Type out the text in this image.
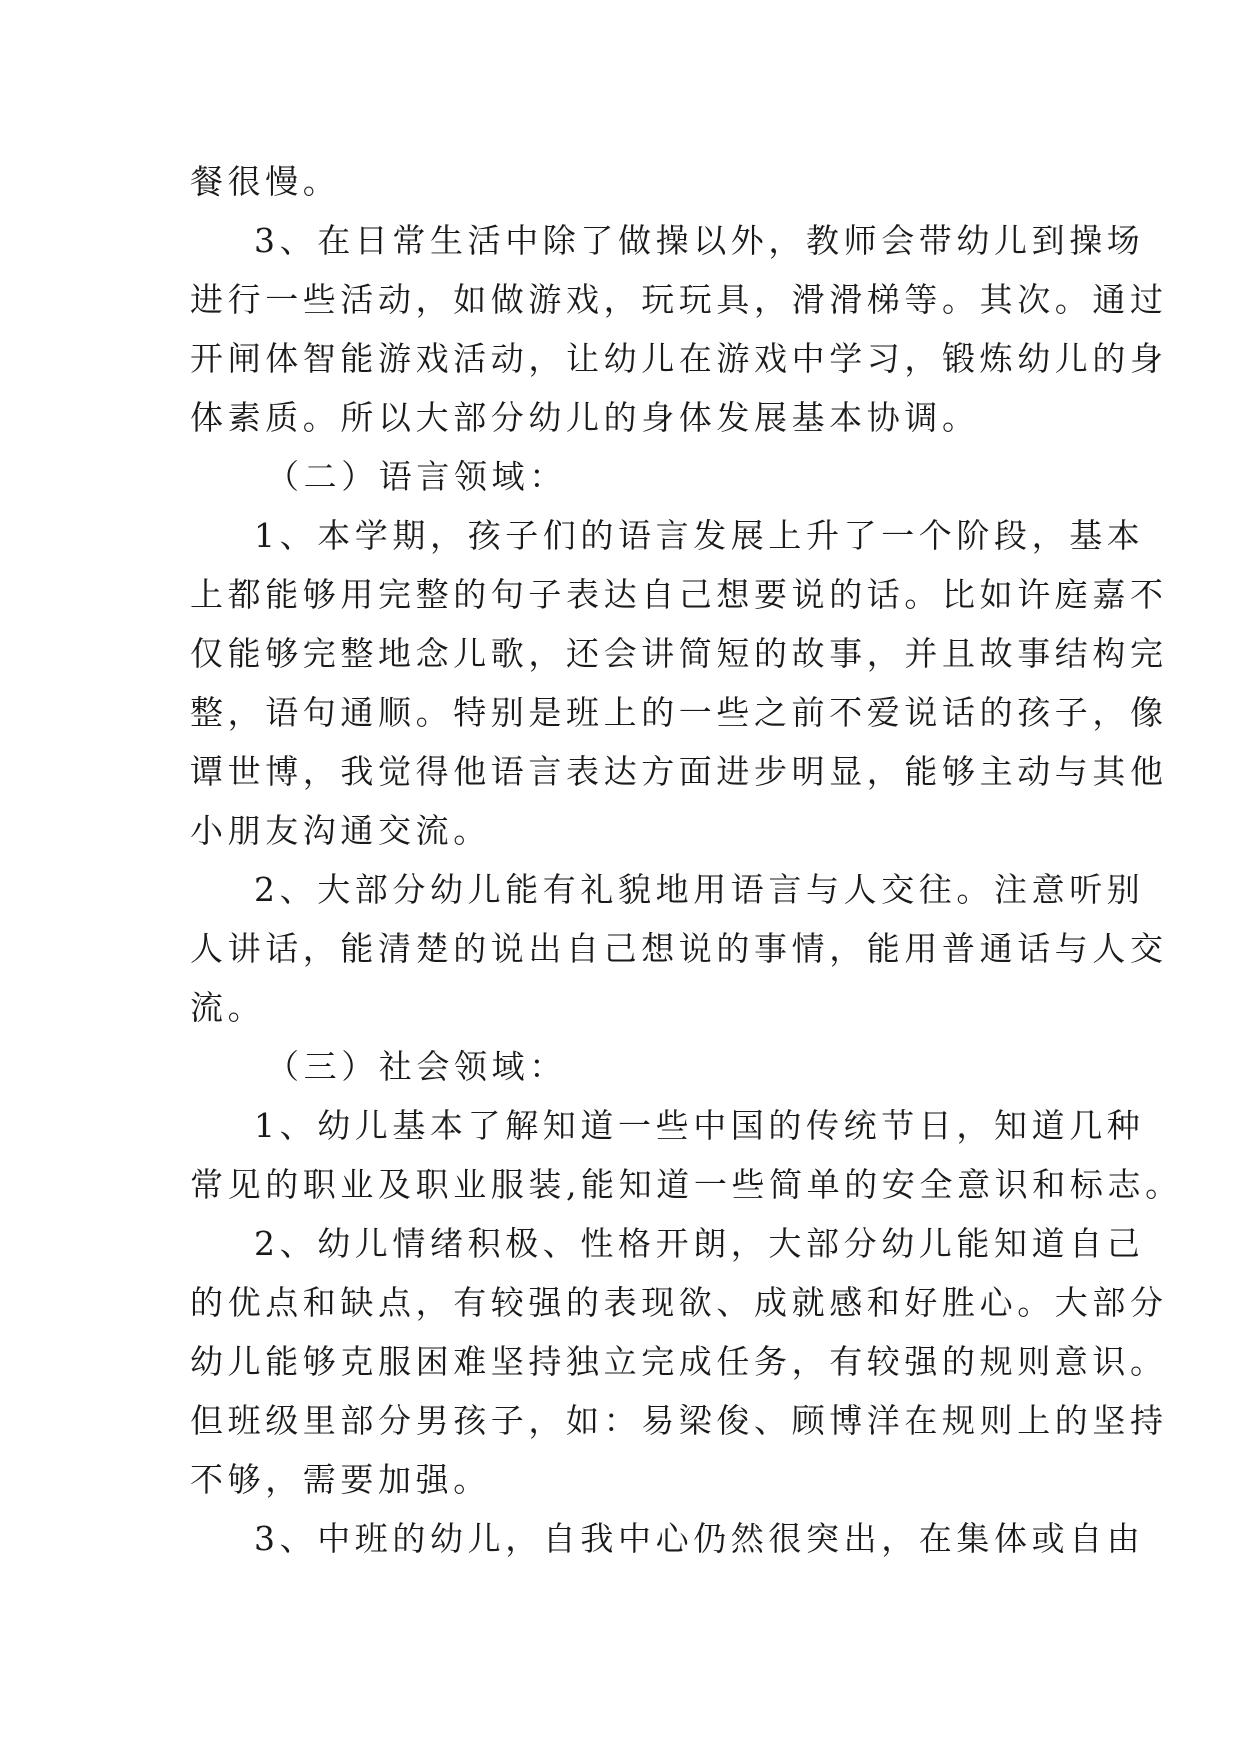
餐很慢。
3、在日常生活中除了做操以外，教师会带幼儿到操场
进行一些活动，如做游戏，玩玩具，滑滑梯等。其次。通过
开闸体智能游戏活动，让幼儿在游戏中学习，锻炼幼儿的身
体素质。所以大部分幼儿的身体发展基本协调。
（二）语言领域：
1、本学期，孩子们的语言发展上升了一个阶段，基本
上都能够用完整的句子表达自己想要说的话。比如许庭嘉不
仅能够完整地念儿歌，还会讲简短的故事，并且故事结构完
整，语句通顺。特别是班上的一些之前不爱说话的孩子，像
谭世博，我觉得他语言表达方面进步明显，能够主动与其他
小朋友沟通交流。
2、大部分幼儿能有礼貌地用语言与人交往。注意听别
人讲话，能清楚的说出自己想说的事情，能用普通话与人交
流。
（三）社会领域：
1、幼儿基本了解知道一些中国的传统节日，知道几种
常见的职业及职业服装,能知道一些简单的安全意识和标志。
2、幼儿情绪积极、性格开朗，大部分幼儿能知道自己
的优点和缺点，有较强的表现欲、成就感和好胜心。大部分
幼儿能够克服困难坚持独立完成任务，有较强的规则意识。
但班级里部分男孩子，如：易梁俊、顾博洋在规则上的坚持
不够，需要加强。
3、中班的幼儿，自我中心仍然很突出，在集体或自由
